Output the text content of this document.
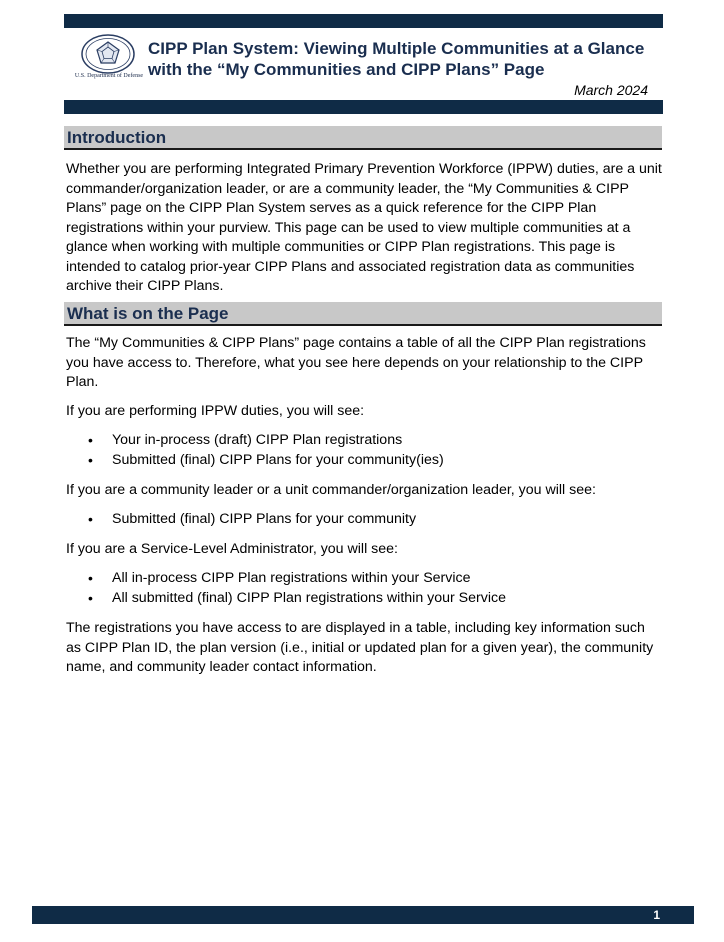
U.S. Department of Defense
CIPP Plan System: Viewing Multiple Communities at a Glance with the “My Communities and CIPP Plans” Page
March 2024
Introduction

Whether you are performing Integrated Primary Prevention Workforce (IPPW) duties, are a unit commander/organization leader, or are a community leader, the “My Communities & CIPP Plans” page on the CIPP Plan System serves as a quick reference for the CIPP Plan registrations within your purview. This page can be used to view multiple communities at a glance when working with multiple communities or CIPP Plan registrations. This page is intended to catalog prior-year CIPP Plans and associated registration data as communities archive their CIPP Plans.

What is on the Page

The “My Communities & CIPP Plans” page contains a table of all the CIPP Plan registrations you have access to. Therefore, what you see here depends on your relationship to the CIPP Plan.

If you are performing IPPW duties, you will see:

• Your in-process (draft) CIPP Plan registrations
• Submitted (final) CIPP Plans for your community(ies)

If you are a community leader or a unit commander/organization leader, you will see:

• Submitted (final) CIPP Plans for your community

If you are a Service-Level Administrator, you will see:

• All in-process CIPP Plan registrations within your Service
• All submitted (final) CIPP Plan registrations within your Service

The registrations you have access to are displayed in a table, including key information such as CIPP Plan ID, the plan version (i.e., initial or updated plan for a given year), the community name, and community leader contact information.

1
